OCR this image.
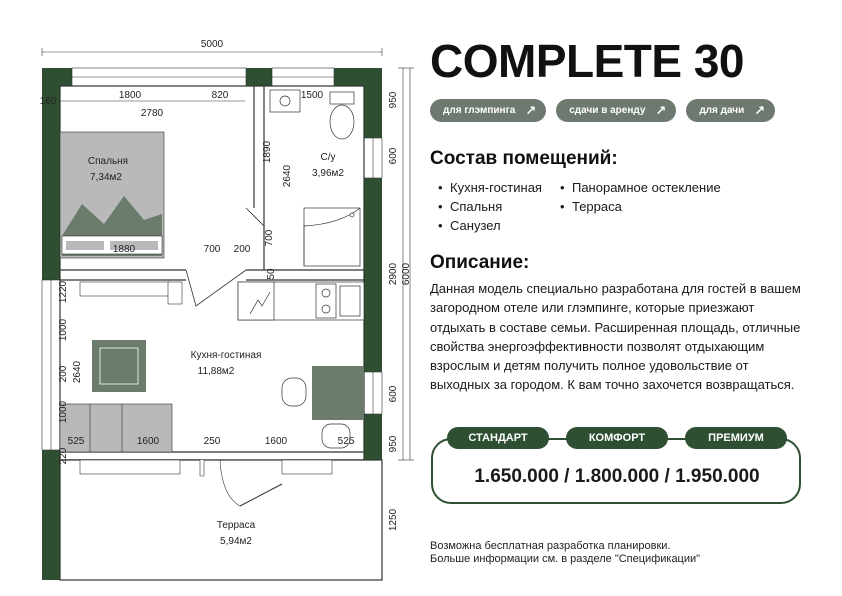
5000
1800	820	1500
2780
160
1890
2640
700
1880	700 200
50
1220
1000
2640
200
1000
220
525	1600	250	1600	525
950
600
2900 6000
600
950
1250
Спальня
7,34м2
С/у
3,96м2
Кухня-гостиная
11,88м2
Терраса
5,94м2
COMPLETE 30
для глэмпинга ↗	сдачи в аренду ↗	для дачи ↗
Состав помещений:
• Кухня-гостиная
• Спальня
• Санузел
• Панорамное остекление
• Терраса
Описание:
Данная модель специально разработана для гостей в вашем загородном отеле или глэмпинге, которые приезжают отдыхать в составе семьи. Расширенная площадь, отличные свойства энергоэффективности позволят отдыхающим взрослым и детям получить полное удовольствие от выходных за городом. К вам точно захочется возвращаться.
СТАНДАРТ	КОМФОРТ	ПРЕМИУМ
1.650.000 / 1.800.000 / 1.950.000
Возможна бесплатная разработка планировки.
Больше информации см. в разделе "Спецификации"
